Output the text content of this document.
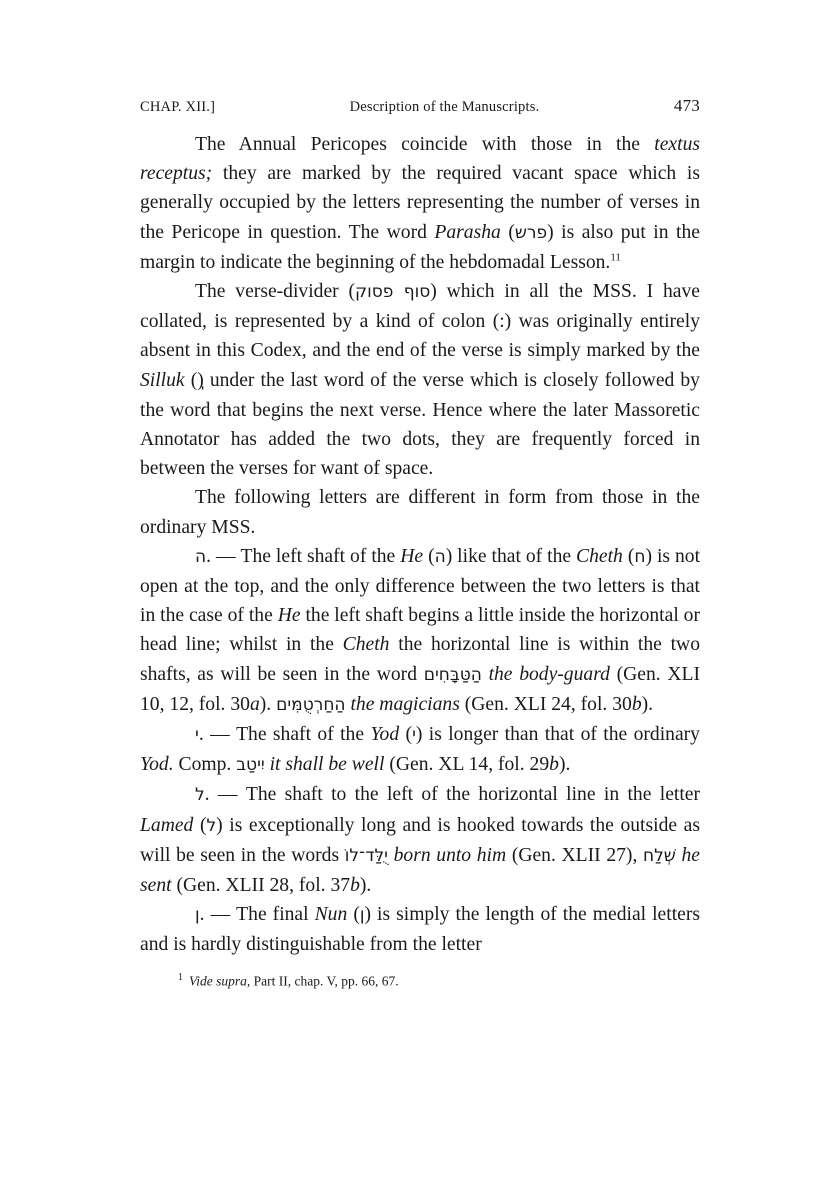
CHAP. XII.]	Description of the Manuscripts.	473

The Annual Pericopes coincide with those in the textus receptus; they are marked by the required vacant space which is generally occupied by the letters representing the number of verses in the Pericope in question. The word Parasha (פרש) is also put in the margin to indicate the beginning of the hebdomadal Lesson.$^{11}$

The verse-divider (סוף פסוק) which in all the MSS. I have collated, is represented by a kind of colon (:) was originally entirely absent in this Codex, and the end of the verse is simply marked by the Silluk () under the last word of the verse which is closely followed by the word that begins the next verse. Hence where the later Massoretic Annotator has added the two dots, they are frequently forced in between the verses for want of space.

The following letters are different in form from those in the ordinary MSS.

ה. — The left shaft of the He (ה) like that of the Cheth (ח) is not open at the top, and the only difference between the two letters is that in the case of the He the left shaft begins a little inside the horizontal or head line; whilst in the Cheth the horizontal line is within the two shafts, as will be seen in the word הַטַּבָּחִים the body-guard (Gen. XLI 10, 12, fol. 30a). הַחַרְטֻמִּים the magicians (Gen. XLI 24, fol. 30b).

י. — The shaft of the Yod (י) is longer than that of the ordinary Yod. Comp. יִיטַב it shall be well (Gen. XL 14, fol. 29b).

ל. — The shaft to the left of the horizontal line in the letter Lamed (ל) is exceptionally long and is hooked towards the outside as will be seen in the words יֻלַּד־לוֹ born unto him (Gen. XLII 27), שְׁלַח he sent (Gen. XLII 28, fol. 37b).

ן. — The final Nun (ן) is simply the length of the medial letters and is hardly distinguishable from the letter

$^1$ Vide supra, Part II, chap. V, pp. 66, 67.
